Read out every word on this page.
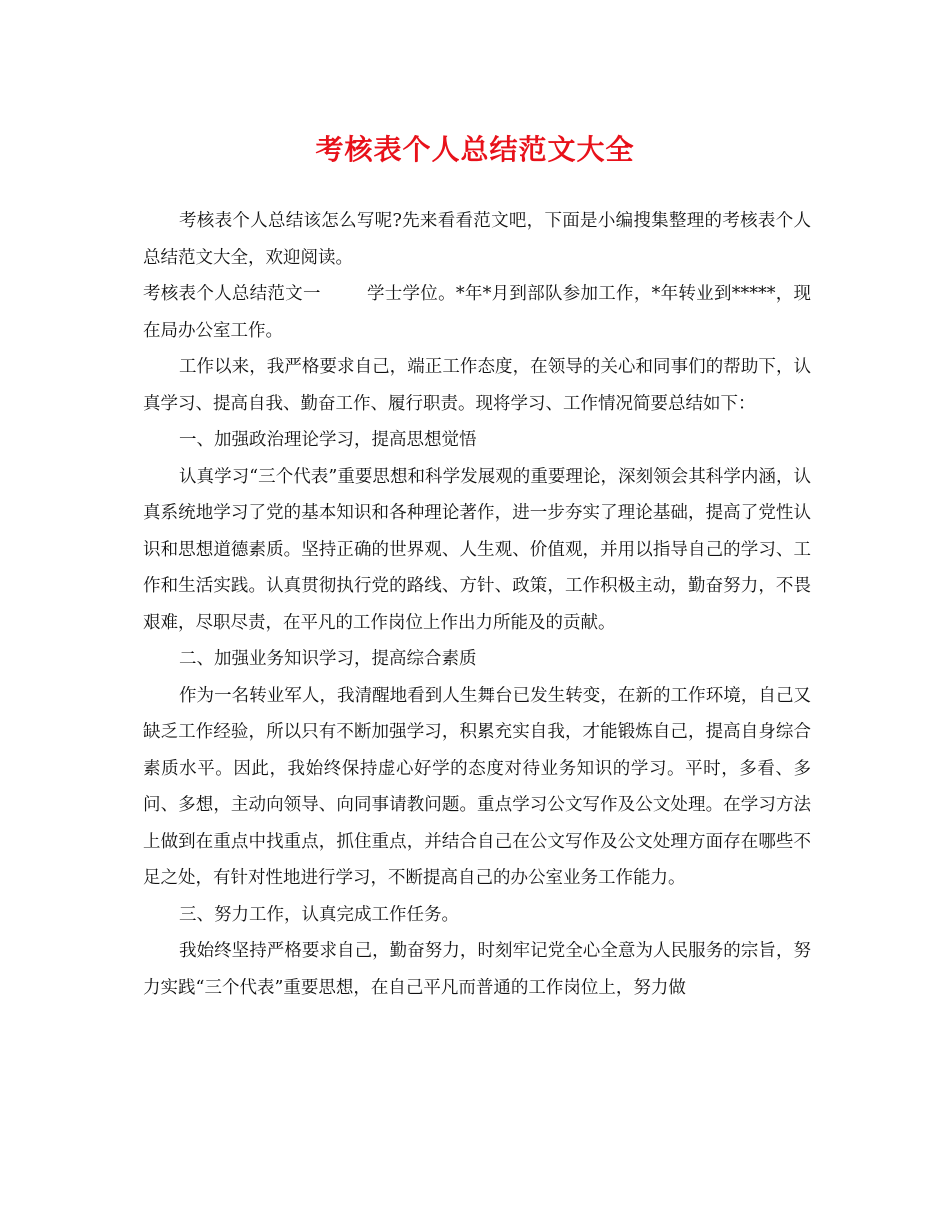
考核表个人总结范文大全

考核表个人总结该怎么写呢?先来看看范文吧，下面是小编搜集整理的考核表个人总结范文大全，欢迎阅读。

考核表个人总结范文一	学士学位。*年*月到部队参加工作，*年转业到*****，现在局办公室工作。

工作以来，我严格要求自己，端正工作态度，在领导的关心和同事们的帮助下，认真学习、提高自我、勤奋工作、履行职责。现将学习、工作情况简要总结如下：

一、加强政治理论学习，提高思想觉悟

认真学习“三个代表”重要思想和科学发展观的重要理论，深刻领会其科学内涵，认真系统地学习了党的基本知识和各种理论著作，进一步夯实了理论基础，提高了党性认识和思想道德素质。坚持正确的世界观、人生观、价值观，并用以指导自己的学习、工作和生活实践。认真贯彻执行党的路线、方针、政策，工作积极主动，勤奋努力，不畏艰难，尽职尽责，在平凡的工作岗位上作出力所能及的贡献。

二、加强业务知识学习，提高综合素质

作为一名转业军人，我清醒地看到人生舞台已发生转变，在新的工作环境，自己又缺乏工作经验，所以只有不断加强学习，积累充实自我，才能锻炼自己，提高自身综合素质水平。因此，我始终保持虚心好学的态度对待业务知识的学习。平时，多看、多问、多想，主动向领导、向同事请教问题。重点学习公文写作及公文处理。在学习方法上做到在重点中找重点，抓住重点，并结合自己在公文写作及公文处理方面存在哪些不足之处，有针对性地进行学习，不断提高自己的办公室业务工作能力。

三、努力工作，认真完成工作任务。

我始终坚持严格要求自己，勤奋努力，时刻牢记党全心全意为人民服务的宗旨，努力实践“三个代表”重要思想，在自己平凡而普通的工作岗位上，努力做
